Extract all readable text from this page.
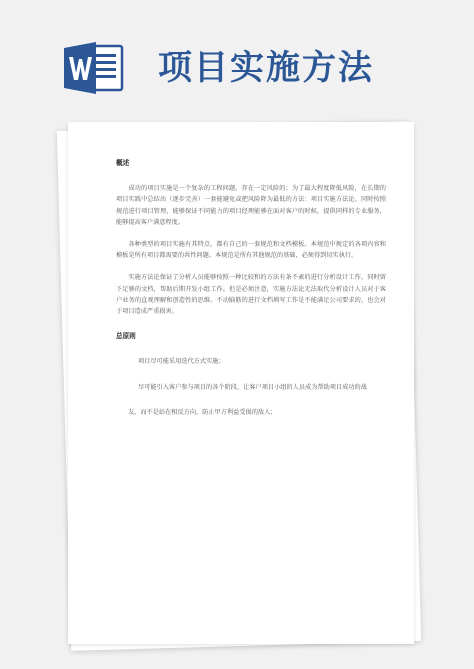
项目实施方法

概述

成功的项目实施是一个复杂的工程问题，存在一定风险的；为了最大程度降低风险，在长期的项目实践中总结出（逐步完善）一套能避免或把风险降为最低的方法：项目实施方法论。同时按照规范进行项目管理，能够保证不同能力的项目经理能够在面对客户的时候，提供同样的专业服务，能够提高客户满意程度。

各种类型的项目实施有其特点，都有自己的一套规范和文档模板。本规范中规定的各项内容和模板是所有项目都需要的共性问题。本规范是所有其他规范的基础，必须得到切实执行。

实施方法论保证了分析人员能够按照一种比较和的方法有条不紊的进行分析设计工作，同时留下足够的文档，帮助后期开发小组工作。但是必须注意，实施方法论无法取代分析设计人员对于客户业务的直观理解和创造性的思维。不动脑筋的进行文档填写工作是不能满足公司要求的，也会对于项目造成严重损害。

总原则

项目尽可能采用迭代方式实施；

尽可能引入客户参与项目的各个阶段，让客户项目小组的人员成为帮助项目成功的战

友，而不是站在相反方向，防止甲方利益受损的敌人；
